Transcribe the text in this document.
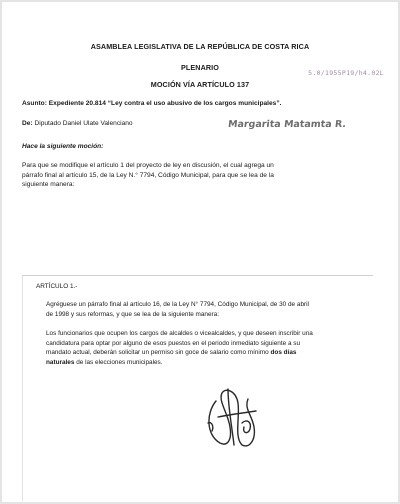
ASAMBLEA LEGISLATIVA DE LA REPÚBLICA DE COSTA RICA
PLENARIO
MOCIÓN VÍA ARTÍCULO 137
5.0/1955P19/h4.02L
Asunto: Expediente 20.814 “Ley contra el uso abusivo de los cargos municipales”.
De: Diputado Daniel Ulate Valenciano	Margarita Matamta R.
Hace la siguiente moción:
Para que se modifique el artículo 1 del proyecto de ley en discusión, el cual agrega un
párrafo final al artículo 15, de la Ley N.° 7794, Código Municipal, para que se lea de la
siguiente manera:
ARTÍCULO 1.-
Agréguese un párrafo final al artículo 16, de la Ley N° 7794, Código Municipal, de 30 de abril
de 1998 y sus reformas, y que se lea de la siguiente manera:
Los funcionarios que ocupen los cargos de alcaldes o vicealcaldes, y que deseen inscribir una
candidatura para optar por alguno de esos puestos en el periodo inmediato siguiente a su
mandato actual, deberán solicitar un permiso sin goce de salario como mínimo dos días
naturales de las elecciones municipales.
